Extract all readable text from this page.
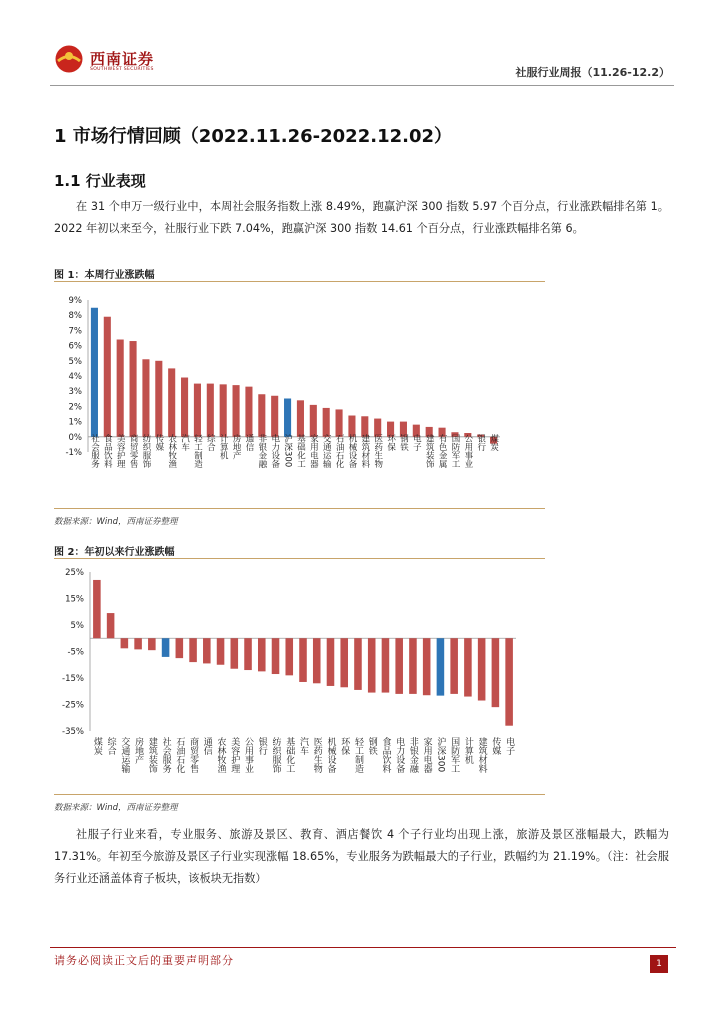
西南证券
SOUTHWEST SECURITIES	社服行业周报（11.26-12.2）
1 市场行情回顾（2022.11.26-2022.12.02）
1.1 行业表现
在 31 个申万一级行业中，本周社会服务指数上涨 8.49%，跑赢沪深 300 指数 5.97 个百分点，行业涨跌幅排名第 1。2022 年初以来至今，社服行业下跌 7.04%，跑赢沪深 300 指数 14.61 个百分点，行业涨跌幅排名第 6。
图 1：本周行业涨跌幅
9%
8%
7%
6%
5%
4%
3%
2%
1%
0%
-1% 社会服务 食品饮料 美容护理 商贸零售 纺织服饰 传媒 农林牧渔 汽车 轻工制造 综合 计算机 房地产 通信 非银金融 电力设备 沪深300 基础化工 家用电器 交通运输 石油石化 机械设备 建筑材料 医药生物 环保 钢铁 电子 建筑装饰 有色金属 国防军工 公用事业 银行 煤炭
数据来源：Wind，西南证券整理
图 2：年初以来行业涨跌幅
25%
15%
5%
-5%
-15%
-25%
-35%
煤炭 综合 交通运输 房地产 建筑装饰 社会服务 石油石化 商贸零售 通信 农林牧渔 美容护理 公用事业 银行 纺织服饰 基础化工 汽车 医药生物 机械设备 环保 轻工制造 钢铁 食品饮料 电力设备 非银金融 家用电器 沪深300 国防军工 计算机 建筑材料 传媒 电子
数据来源：Wind，西南证券整理
社服子行业来看，专业服务、旅游及景区、教育、酒店餐饮 4 个子行业均出现上涨，旅游及景区涨幅最大，跌幅为 17.31%。年初至今旅游及景区子行业实现涨幅 18.65%，专业服务为跌幅最大的子行业，跌幅约为 21.19%。（注：社会服务行业还涵盖体育子板块，该板块无指数）
请务必阅读正文后的重要声明部分	1
